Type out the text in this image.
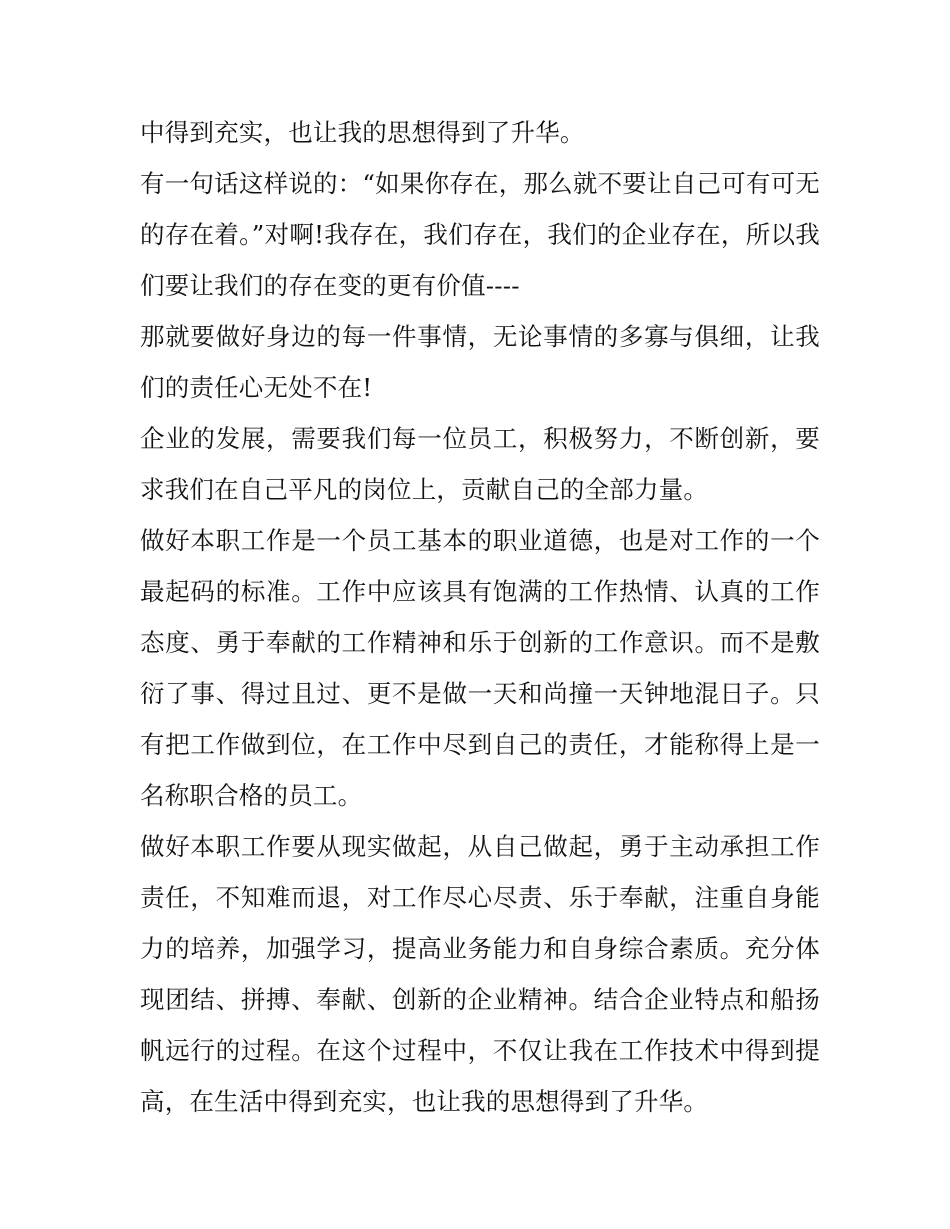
中得到充实，也让我的思想得到了升华。

有一句话这样说的：“如果你存在，那么就不要让自己可有可无的存在着。”对啊!我存在，我们存在，我们的企业存在，所以我们要让我们的存在变的更有价值----

那就要做好身边的每一件事情，无论事情的多寡与俱细，让我们的责任心无处不在!

企业的发展，需要我们每一位员工，积极努力，不断创新，要求我们在自己平凡的岗位上，贡献自己的全部力量。

做好本职工作是一个员工基本的职业道德，也是对工作的一个最起码的标准。工作中应该具有饱满的工作热情、认真的工作态度、勇于奉献的工作精神和乐于创新的工作意识。而不是敷衍了事、得过且过、更不是做一天和尚撞一天钟地混日子。只有把工作做到位，在工作中尽到自己的责任，才能称得上是一名称职合格的员工。

做好本职工作要从现实做起，从自己做起，勇于主动承担工作责任，不知难而退，对工作尽心尽责、乐于奉献，注重自身能力的培养，加强学习，提高业务能力和自身综合素质。充分体现团结、拼搏、奉献、创新的企业精神。结合企业特点和船扬帆远行的过程。在这个过程中，不仅让我在工作技术中得到提高，在生活中得到充实，也让我的思想得到了升华。
